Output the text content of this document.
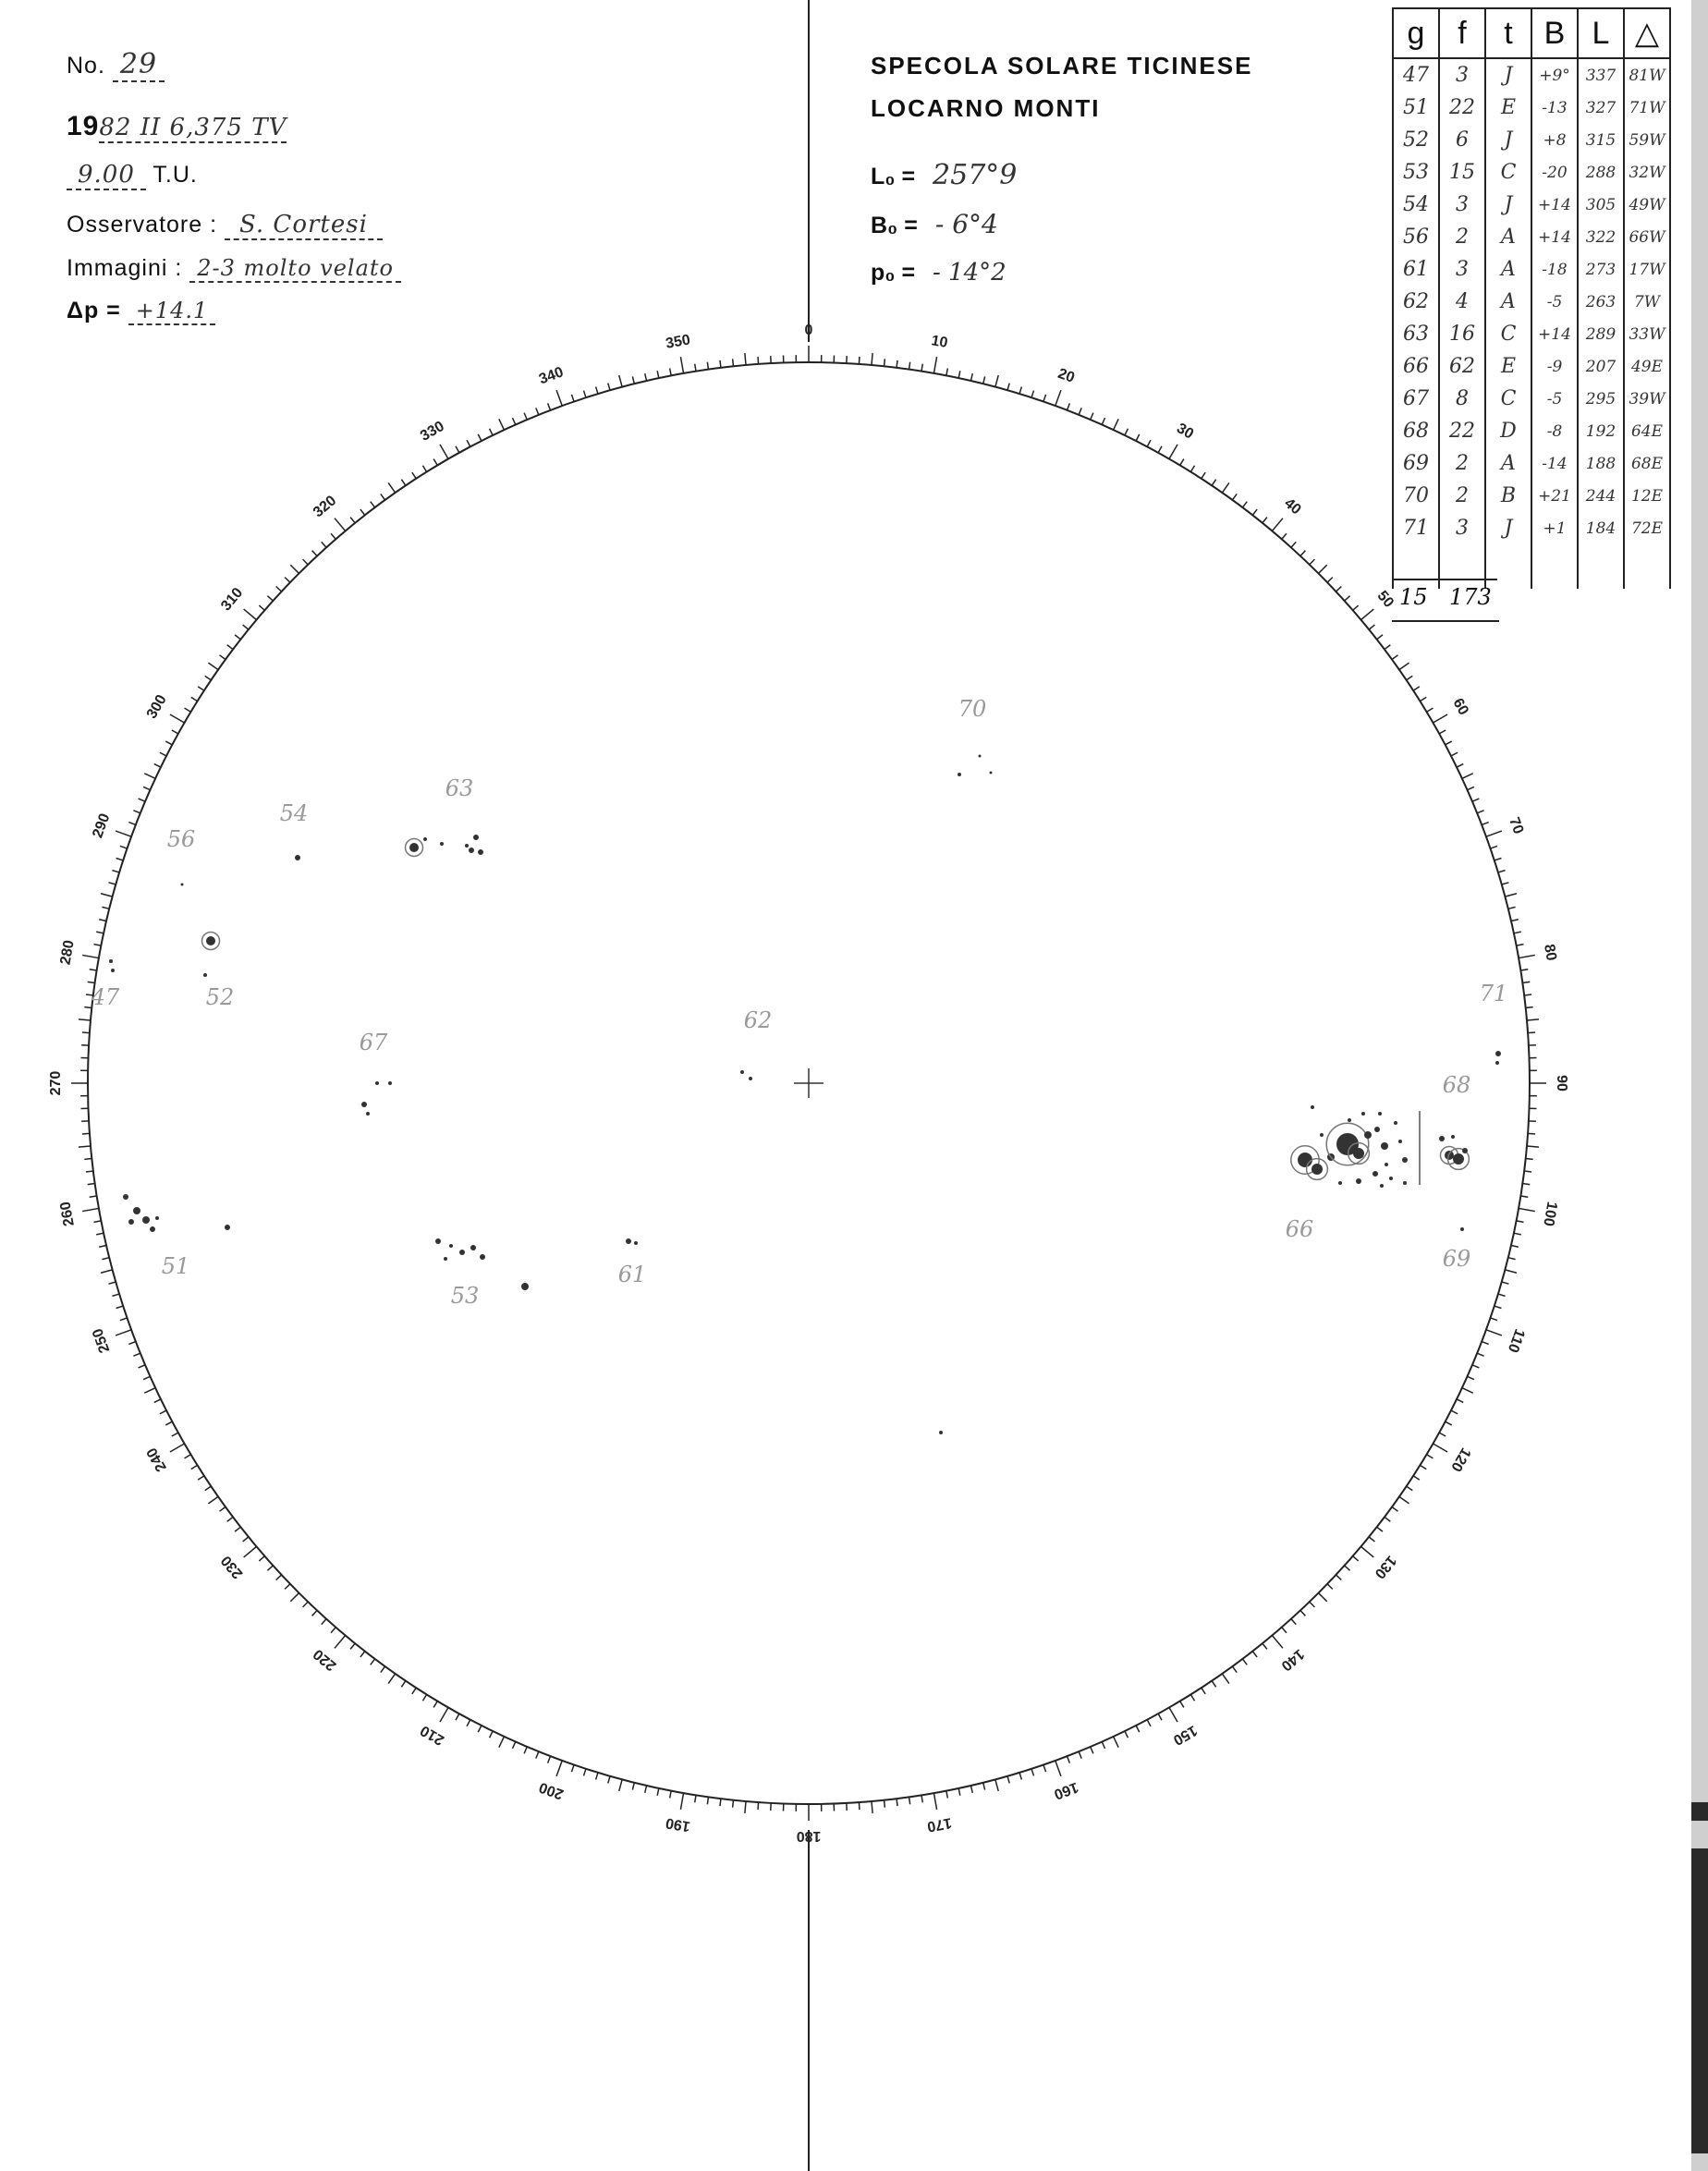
No. 29
1982 II 6,375 TV
9.00 T.U.
Osservatore : S. Cortesi
Immagini : 2-3 molto velato
Δp = +14.1
SPECOLA SOLARE TICINESE
LOCARNO MONTI
L₀ = 257°9
B₀ = - 6°4
p₀ = - 14°2
g	f	t	B	L	△
47	3	J	+9°	337	81W
51	22	E	-13	327	71W
52	6	J	+8	315	59W
53	15	C	-20	288	32W
54	3	J	+14	305	49W
56	2	A	+14	322	66W
61	3	A	-18	273	17W
62	4	A	-5	263	7W
63	16	C	+14	289	33W
66	62	E	-9	207	49E
67	8	C	-5	295	39W
68	22	D	-8	192	64E
69	2	A	-14	188	68E
70	2	B	+21	244	12E
71	3	J	+1	184	72E

15 173
0
10
20
30
40
50
60
70
80
90
100
110
120
130
140
150
160
170
180
190
200
210
220
230
240
250
260
270
280
290
300
310
320
330
340
350
70
63
54
56
52
47
62
67
71
68
66
69
51
53
61
